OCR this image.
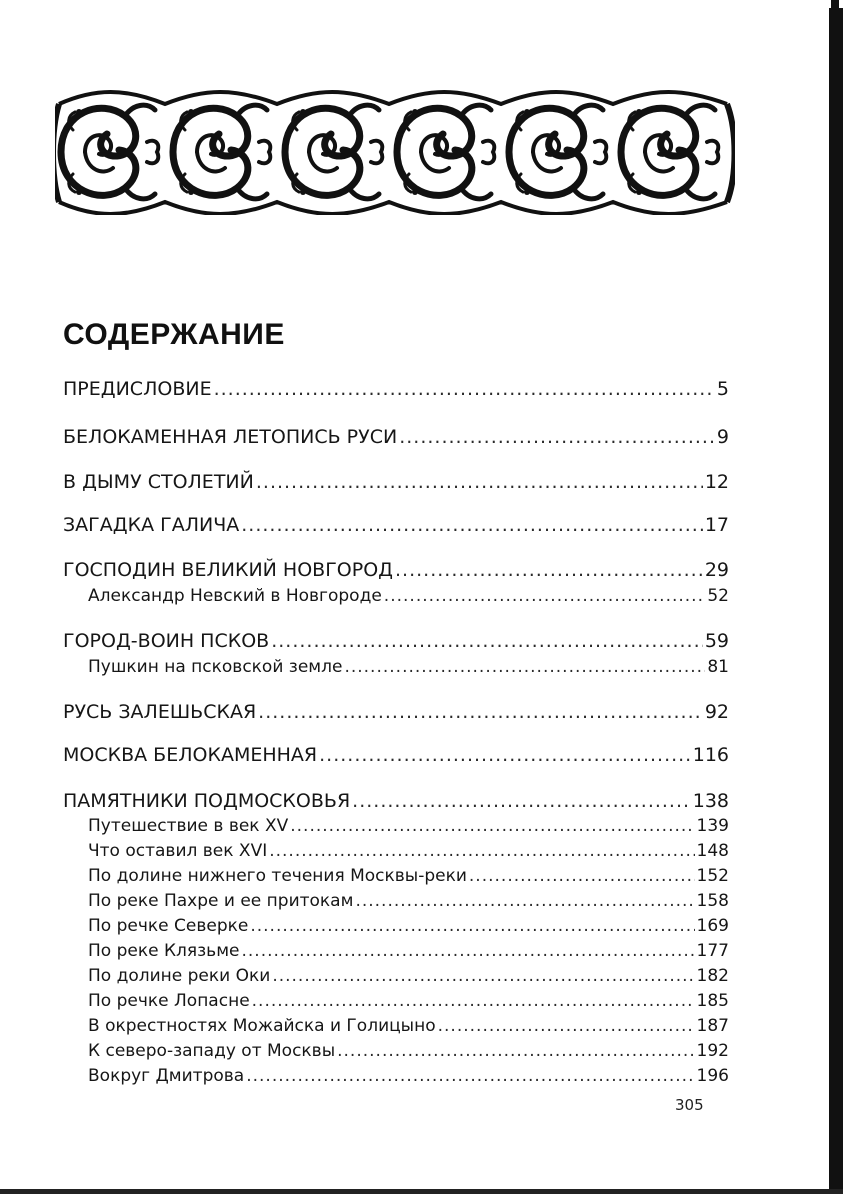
СОДЕРЖАНИЕ
ПРЕДИСЛОВИЕ .....	5
БЕЛОКАМЕННАЯ ЛЕТОПИСЬ РУСИ .....	9
В ДЫМУ СТОЛЕТИЙ .....	12
ЗАГАДКА ГАЛИЧА .....	17
ГОСПОДИН ВЕЛИКИЙ НОВГОРОД .....	29
Александр Невский в Новгороде .....	52
ГОРОД-ВОИН ПСКОВ .....	59
Пушкин на псковской земле .....	81
РУСЬ ЗАЛЕШЬСКАЯ .....	92
МОСКВА БЕЛОКАМЕННАЯ .....	116
ПАМЯТНИКИ ПОДМОСКОВЬЯ .....	138
Путешествие в век XV .....	139
Что оставил век XVI .....	148
По долине нижнего течения Москвы-реки .....	152
По реке Пахре и ее притокам .....	158
По речке Северке .....	169
По реке Клязьме .....	177
По долине реки Оки .....	182
По речке Лопасне .....	185
В окрестностях Можайска и Голицыно .....	187
К северо-западу от Москвы .....	192
Вокруг Дмитрова .....	196
305
